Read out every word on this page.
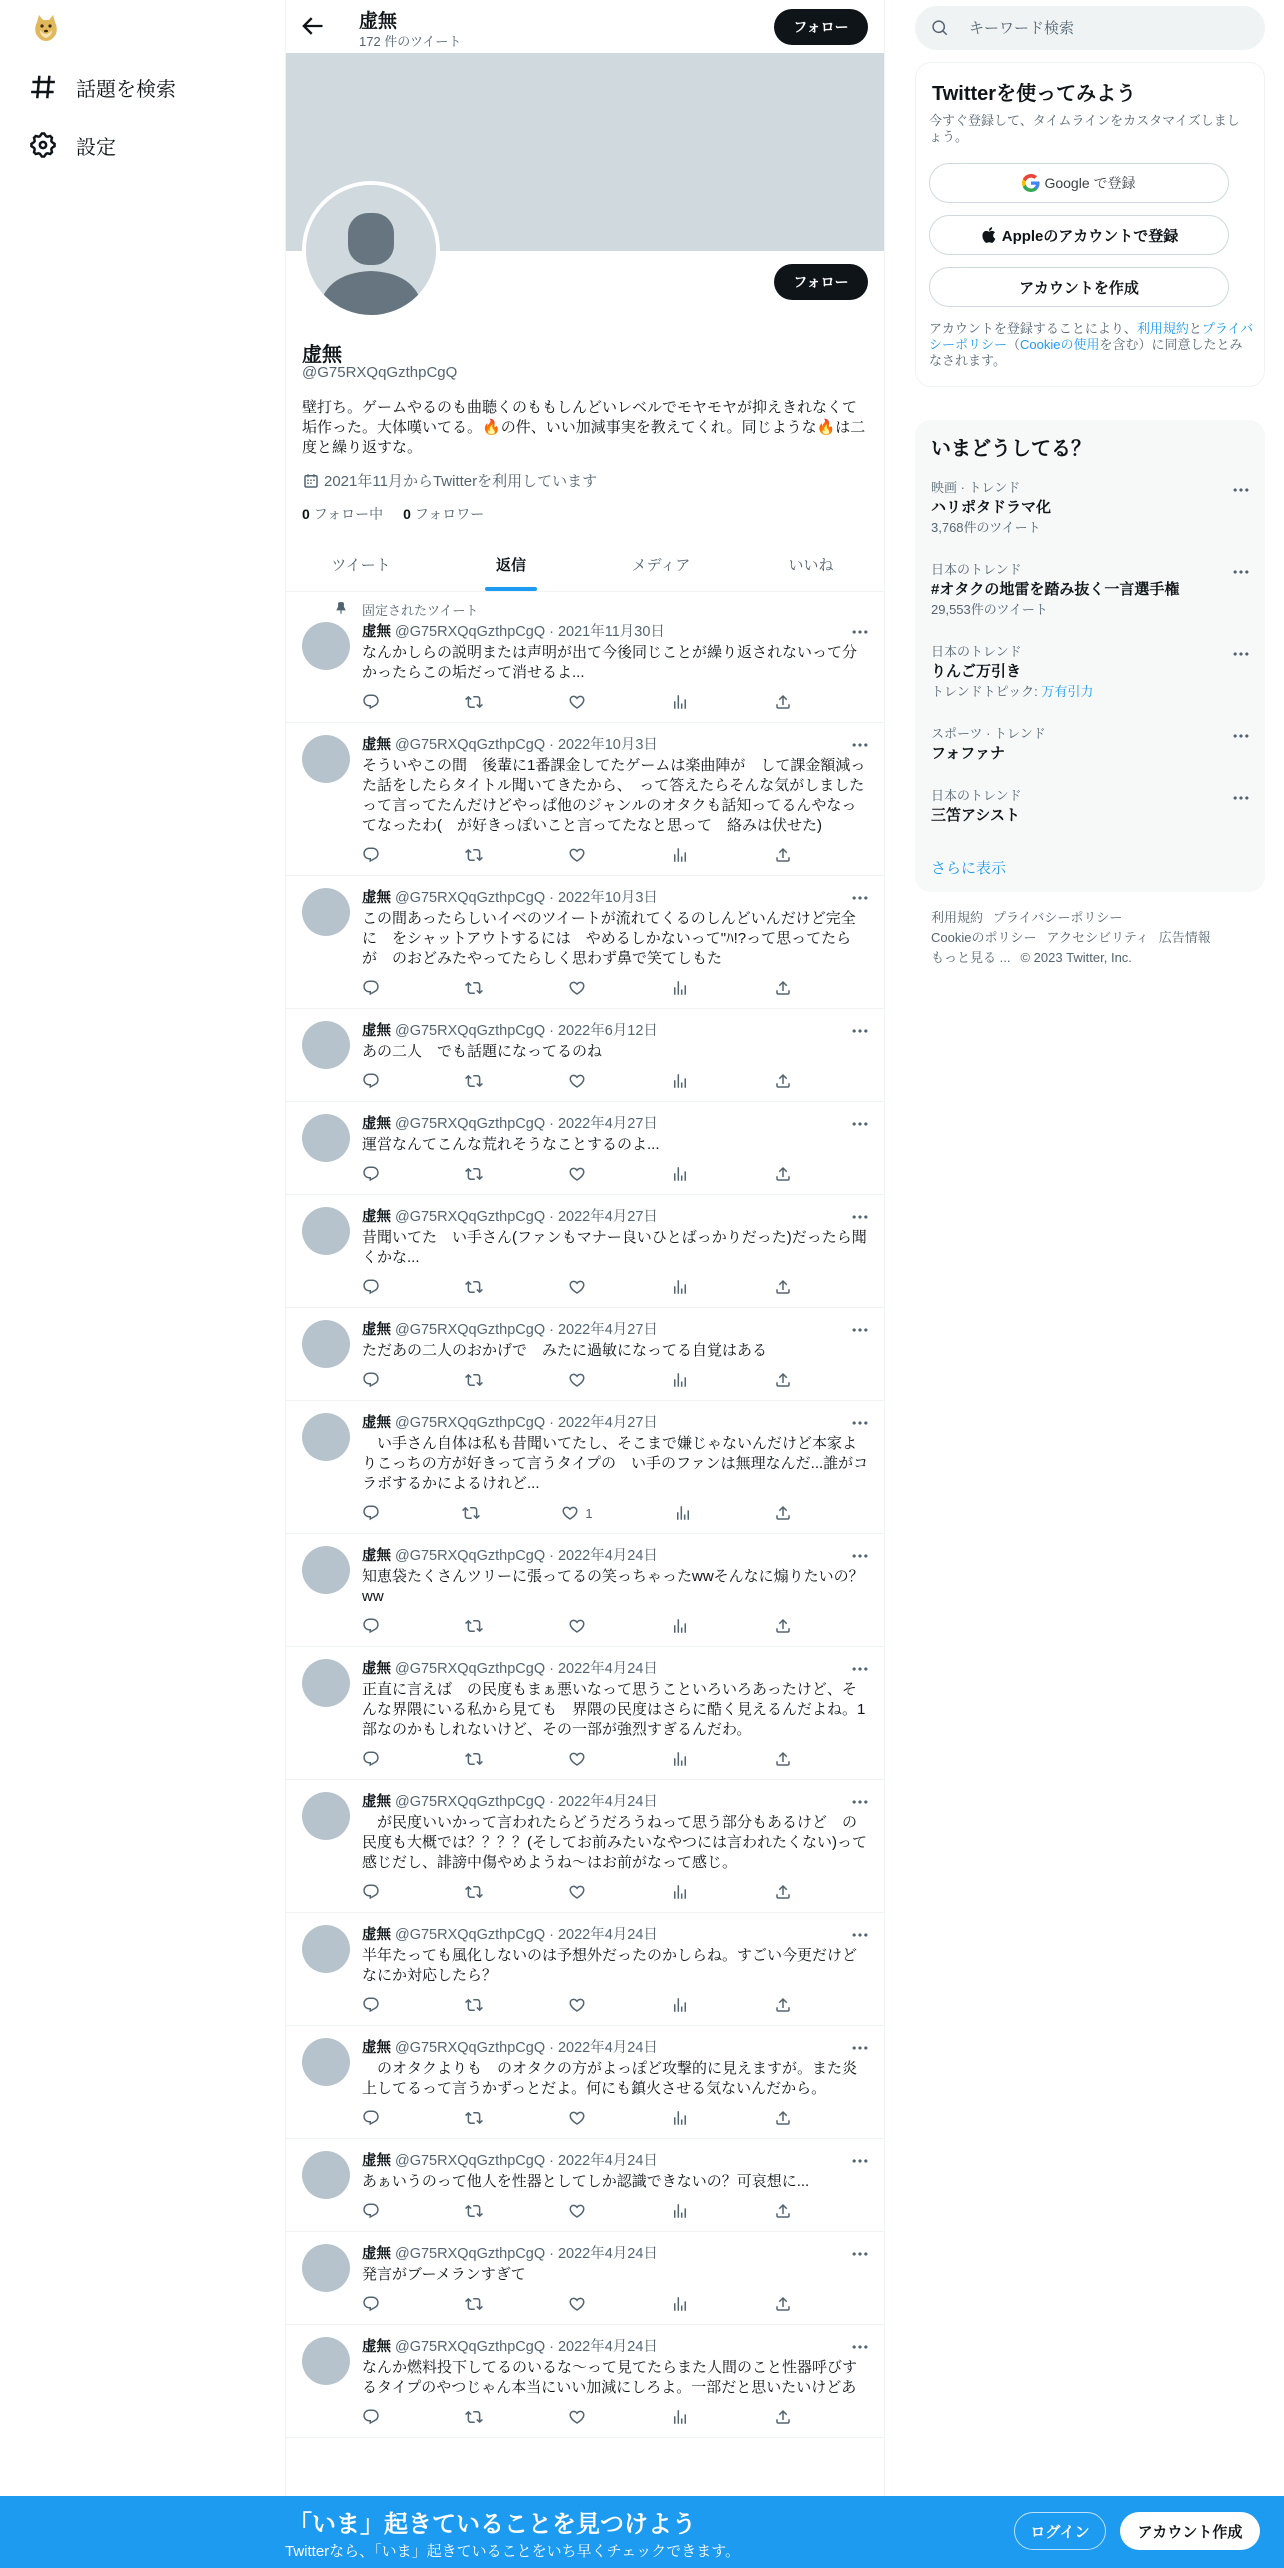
話題を検索
設定
虚無
172 件のツイート
フォロー
フォロー
虚無
@G75RXQqGzthpCgQ
壁打ち。ゲームやるのも曲聴くのももしんどいレベルでモヤモヤが抑えきれなくて垢作った。大体嘆いてる。🔥の件、いい加減事実を教えてくれ。同じような🔥は二度と繰り返すな。
2021年11月からTwitterを利用しています
0 フォロー中 0 フォロワー
ツイート	返信	メディア	いいね
固定されたツイート
虚無 @G75RXQqGzthpCgQ · 2021年11月30日
なんかしらの説明または声明が出て今後同じことが繰り返されないって分かったらこの垢だって消せるよ...
虚無 @G75RXQqGzthpCgQ · 2022年10月3日
そういやこの間　後輩に1番課金してたゲームは楽曲陣が　して課金額減った話をしたらタイトル聞いてきたから、　って答えたらそんな気がしましたって言ってたんだけどやっぱ他のジャンルのオタクも話知ってるんやなってなったわ(　が好きっぽいこと言ってたなと思って　絡みは伏せた)
虚無 @G75RXQqGzthpCgQ · 2022年10月3日
この間あったらしいイベのツイートが流れてくるのしんどいんだけど完全に　をシャットアウトするには　やめるしかないって"ﾊ!?って思ってたら　が　のおどみたやってたらしく思わず鼻で笑てしもた
虚無 @G75RXQqGzthpCgQ · 2022年6月12日
あの二人　でも話題になってるのね
虚無 @G75RXQqGzthpCgQ · 2022年4月27日
運営なんてこんな荒れそうなことするのよ...
虚無 @G75RXQqGzthpCgQ · 2022年4月27日
昔聞いてた　い手さん(ファンもマナー良いひとばっかりだった)だったら聞くかな...
虚無 @G75RXQqGzthpCgQ · 2022年4月27日
ただあの二人のおかげで　みたに過敏になってる自覚はある
虚無 @G75RXQqGzthpCgQ · 2022年4月27日
　い手さん自体は私も昔聞いてたし、そこまで嫌じゃないんだけど本家よりこっちの方が好きって言うタイプの　い手のファンは無理なんだ...誰がコラボするかによるけれど...
1
虚無 @G75RXQqGzthpCgQ · 2022年4月24日
知恵袋たくさんツリーに張ってるの笑っちゃったwwそんなに煽りたいの？ww
虚無 @G75RXQqGzthpCgQ · 2022年4月24日
正直に言えば　の民度もまぁ悪いなって思うこといろいろあったけど、そんな界隈にいる私から見ても　界隈の民度はさらに酷く見えるんだよね。1部なのかもしれないけど、その一部が強烈すぎるんだわ。
虚無 @G75RXQqGzthpCgQ · 2022年4月24日
　が民度いいかって言われたらどうだろうねって思う部分もあるけど　の民度も大概では？？？？(そしてお前みたいなやつには言われたくない)って感じだし、誹謗中傷やめようね〜はお前がなって感じ。
虚無 @G75RXQqGzthpCgQ · 2022年4月24日
半年たっても風化しないのは予想外だったのかしらね。すごい今更だけどなにか対応したら？
虚無 @G75RXQqGzthpCgQ · 2022年4月24日
　のオタクよりも　のオタクの方がよっぽど攻撃的に見えますが。また炎上してるって言うかずっとだよ。何にも鎮火させる気ないんだから。
虚無 @G75RXQqGzthpCgQ · 2022年4月24日
あぁいうのって他人を性器としてしか認識できないの？可哀想に...
虚無 @G75RXQqGzthpCgQ · 2022年4月24日
発言がブーメランすぎて
虚無 @G75RXQqGzthpCgQ · 2022年4月24日
なんか燃料投下してるのいるな〜って見てたらまた人間のこと性器呼びするタイプのやつじゃん本当にいい加減にしろよ。一部だと思いたいけどあ
キーワード検索
Twitterを使ってみよう
今すぐ登録して、タイムラインをカスタマイズしましょう。
Google で登録
Appleのアカウントで登録
アカウントを作成
アカウントを登録することにより、利用規約とプライバシーポリシー（Cookieの使用を含む）に同意したとみなされます。
いまどうしてる？
映画 · トレンド
ハリポタドラマ化
3,768件のツイート
日本のトレンド
#オタクの地雷を踏み抜く一言選手権
29,553件のツイート
日本のトレンド
りんご万引き
トレンドトピック: 万有引力
スポーツ · トレンド
フォファナ
日本のトレンド
三笘アシスト
さらに表示
利用規約 プライバシーポリシー
Cookieのポリシー アクセシビリティ 広告情報
もっと見る ... © 2023 Twitter, Inc.
「いま」起きていることを見つけよう
Twitterなら、「いま」起きていることをいち早くチェックできます。
ログイン	アカウント作成
